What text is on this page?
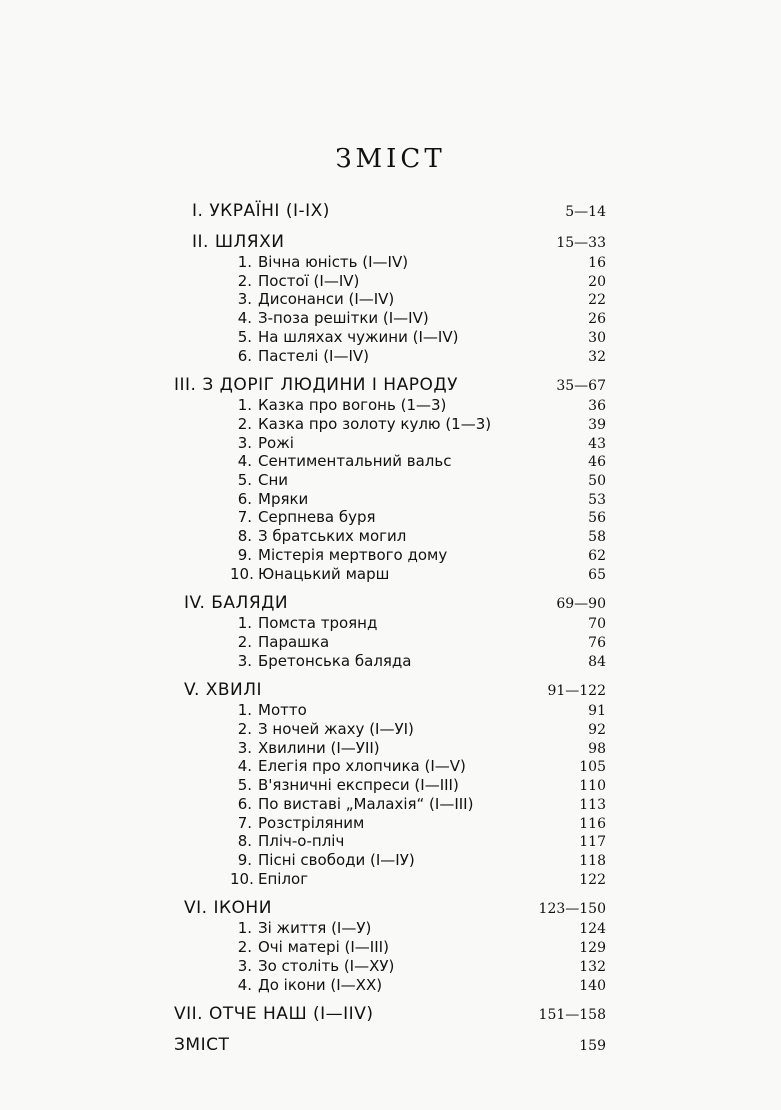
ЗМІСТ
І. УКРАЇНІ (І-ІХ)	5—14
ІІ. ШЛЯХИ	15—33
1. Вічна юність (І—ІV)	16
2. Постої (І—ІV)	20
3. Дисонанси (І—ІV)	22
4. З-поза решітки (І—ІV)	26
5. На шляхах чужини (І—ІV)	30
6. Пастелі (І—ІV)	32
ІІІ. З ДОРІГ ЛЮДИНИ І НАРОДУ	35—67
1. Казка про вогонь (1—3)	36
2. Казка про золоту кулю (1—3)	39
3. Рожі	43
4. Сентиментальний вальс	46
5. Сни	50
6. Мряки	53
7. Серпнева буря	56
8. З братських могил	58
9. Містерія мертвого дому	62
10. Юнацький марш	65
ІV. БАЛЯДИ	69—90
1. Помста троянд	70
2. Парашка	76
3. Бретонська баляда	84
V. ХВИЛІ	91—122
1. Мотто	91
2. З ночей жаху (І—УІ)	92
3. Хвилини (І—УІІ)	98
4. Елегія про хлопчика (І—V)	105
5. В'язничні експреси (І—ІІІ)	110
6. По виставі „Малахія“ (І—ІІІ)	113
7. Розстріляним	116
8. Пліч-о-пліч	117
9. Пісні свободи (І—ІУ)	118
10. Епілог	122
VІ. ІКОНИ	123—150
1. Зі життя (І—У)	124
2. Очі матері (І—ІІІ)	129
3. Зо століть (І—ХУ)	132
4. До ікони (І—ХХ)	140
VІІ. ОТЧЕ НАШ (І—ІІV)	151—158
ЗМІСТ	159
